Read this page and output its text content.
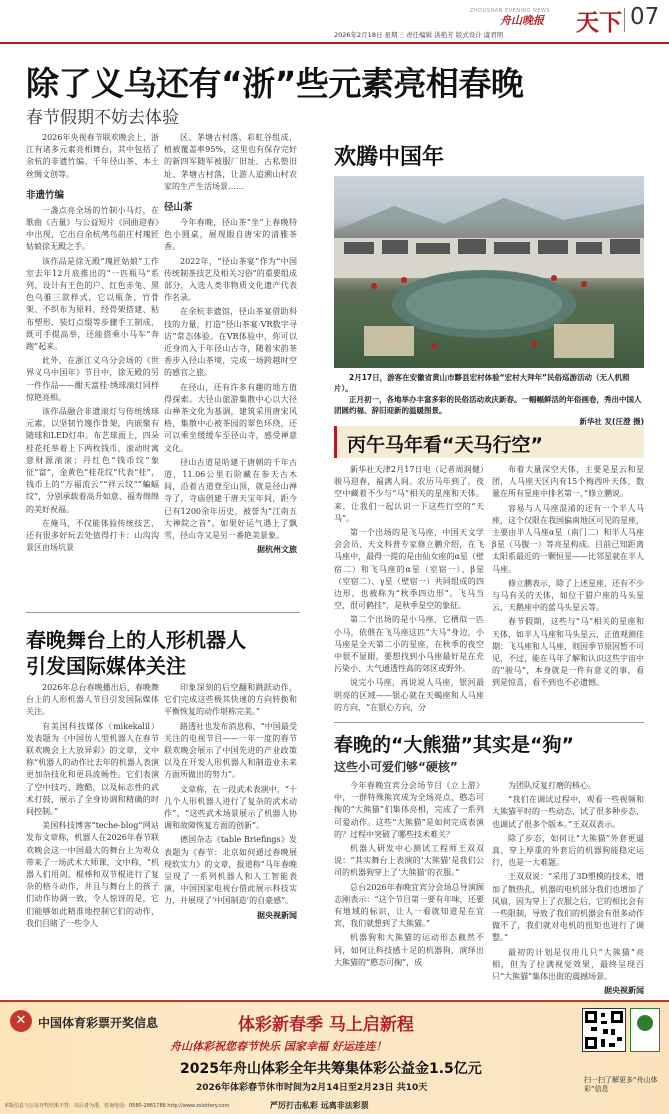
ZHOUSHAN EVENING NEWS
舟山晚报 天下 07
2026年2月18日 星期三 责任编辑 洪艳芳 版式设计 虞君明
除了义乌还有“浙”些元素亮相春晚
春节假期不妨去体验

2026年央视春节联欢晚会上，浙江有诸多元素亮相舞台，其中包括了余杭的非遗竹编、千年径山茶、本土丝绸文创等。

非遗竹编

一盏点亮全场的竹制小马灯，在歌曲《吉量》与公益短片《同曲迎春》中出现，它出自余杭鸬鸟前庄村瑰匠姑娘徐无殿之手。

该作品是徐无殿“瑰匠姑娘”工作室去年12月底推出的“一匹瓶马”系列，设计有王色的户、红色赤兔、黑色乌骓三款样式，它以瓶条、竹骨架、不织布为原料，经骨架搭建、粘布塑形、装灯点缀等步骤手工制成，既可手提高举，还能搭乘小马车“奔跑”起来。

此外，在浙江义乌分会场的《世界义乌中国年》节目中，徐无殿的另一件作品——酣天富桂·绣球滚灯同样惊艳亮相。

该作品融合非遗滚灯与传统绣球元素，以坚韧竹篾作骨架，内嵌聚有随球和LED灯串。布艺球面上，四朵桂花托举着上下两枚钱币，滚动时寓意财源滚滚；丹红色“钱币纹”象征“富”，金黄色“桂花纹”代表“桂”，钱币上的“万福流云”“祥云纹”“蝙蝠纹”，分别承载着高升如意、福寿绵绵的美好祝福。

在俺马，不仅能体验传统技艺，还有很多好玩去处值得打卡：山沟沟景区由场坑景

区、茅塘古村落、彩虹谷组成，植被覆盖率95%，这里也有保存完好的新四军随军被服厂旧址、古私塾旧址、茅塘古村落，让游人追溯山村农家的生产生活场景……

径山茶

今年春晚，径山茶“坐”上春晚特色小圆桌，展现眼自唐宋的清雅茶香。

2022年，“径山茶宴”作为“中国传统制茶技艺及相关习俗”的重要组成部分，入选人类非物质文化遗产代表作名录。

在余杭非遗馆，径山茶宴借助科技的力量，打造“径山茶宴·VR数字寻访”常态体验。在VR体验中，你可以近身而入于年径山古寺，随着宋韵茶香步入径山茶境，完成一场跨越时空的感官之旅。

在径山，还有许多有趣的地方值得探索。大径山旅游集散中心以大径山禅茶文化为基调，建筑采用唐宋风格，集散中心被茶园的翠色环绕，还可以乘坐缓缓车至径山寺，感受禅意文化。

径山古道是哈建于唐朝的千年古道，11.06公里石阶藏在参天古木间，沿着古道登至山顶，就是径山禅寺了，寺庙创建于唐天宝年间，距今已有1200余年历史，被誉为“江南五大禅院之首”。如果好运气遇上了飘雪，径山寺又是另一番艳美景象。

据杭州文旅
欢腾中国年
2月17日，游客在安徽省黄山市黟县宏村体验“宏村大拜年”民俗巡游活动（无人机照片）。
正月初一，各地举办丰富多彩的民俗活动欢庆新春。一幅幅鲜活的年俗画卷，秀出中国人团圆约福、辞旧迎新的温暖图景。
新华社 发(汪澄 摄)
丙午马年看“天马行空”

新华社天津2月17日电（记者周润健）骏马迎春，福满人间。农历马年到了，夜空中藏着不少与“马”相关的星座和天体。来，让我们一起认识一下这些行空的“天马”。

第一个出场的是飞马座，中国天文学会会员、天文科普专家修立鹏介绍，在飞马座中，最得一提的是由仙女座的α星（壁宿二）和飞马座的α星（室宿一）、β星（室宿二）、γ星（壁宿一）共同组成的四边形，也被称为“秋季四边形”。飞马当空，很可鹤挂”，是秋季星空的象征。

第二个出场的是小马座，它栖似一匹小马，依偎在飞马座这匹“大马”身边，小马座是全天第二小的星座，在秋季的夜空中很不显眼，要想找到小马座最好是在充污染小、大气通透性高的郊区或野外。

说完小马座，再说说人马座，银河最明亮的区域——银心就在天蝎座和人马座的方向，“在银心方向，分

布着大量深空天体，主要是星云和星团，人马座天区内有15个梅西叶天体，数量在所有星座中排名第一，”修立鹏说。

容易与人马座混淆的还有一个半人马座，这个仅限在我国偏南地区可见的星座，主要由半人马座α星（南门二）和半人马座β星（马腹一）等亮星构成。目前已知距离太阳系最近的一颗恒星——比邻星就在半人马座。

修立鹏表示，除了上述星座，还有不少与马有关的天体，如位于猎户座的马头星云、天鹅座中的蓝马头星云等。

春节假期，这些与“马”相关的星座和天体，如半人马座和马头星云，正值观测佳期：飞马座和人马座，则因季节原因暂不可见，不过，能在马年了解和认识这些宇宙中的“骏马”，本身就是一件有意义的事，看到是惊喜，看不到也不必遗憾。

春晚舞台上的人形机器人
引发国际媒体关注

2026年总台春晚播出后，春晚舞台上的人形机器人节目引发国际媒体关注。

有美国科技媒体（mikekalil）发表题为《中国仿人型机器人在春节联欢晚会上大放异彩》的文章，文中称“机器人的动作比去年的机器人表演更加杂技化和更具流畅性。它们表演了空中技巧、跑酷，以及标志性的武术打鼓，展示了全身协调和精确的时间控制。”

美国科技博客“teche-blog”网站发布文章称，机器人在2026年春节联欢晚会这一中国最大的舞台上为观众带来了一场武术大师课，文中称，“机器人们用剑、棍棒和双节棍进行了复杂的格斗动作，并且与舞台上的孩子们动作协调一致，令人惊讶的是，它们能够如此精准地控制它们的动作，我们目睹了一些令人

印象深刻的后空翻和跳跃动作，它们完成这些极其快速的方向转换和平衡恢复的动作堪称完美。”

路透社也发布消息称，“中国最受关注的电视节目——一年一度的春节联欢晚会展示了中国先进的产业政策以及在开发人形机器人和制造业未来方面所做出的努力”。

文章称，在一段武术表演中，“十几个人形机器人进行了复杂的武术动作”，“这些武术场景展示了机器人协调和故障恢复方面的创新”。

德国杂志《table Briefings》发表题为《春节：北京如何通过春晚展现软实力》的文章，报道称“马年春晚呈现了一系列机器人和人工智能表演，中国国家电视台借此展示科技实力，并展现了‘中国制造’的自豪感”。

据央视新闻
春晚的“大熊猫”其实是“狗”
这些小可爱们够“硬核”

今年春晚宜宾分会场节目《立上游》中，一群特殊熊宾成为全场亮点，憨态可掬的“大熊猫”们集体亮相，完成了一系列可爱动作。这些“大熊猫”是如何完成表演的？过程中突破了哪些技术难关？

机器人研发中心测试工程师王双双说：“其实舞台上表演的‘大熊猫’是我们公司的机器狗穿上了‘大熊猫’的衣服。”

总台2026年春晚宜宾分会场总导演顾志刚表示：“这个节目第一要有年味，还要有地域的标识，让人一看就知道是在宜宾，我们就想到了大熊猫。”

机器狗和大熊猫的运动形态截然不同，如何让科技感十足的机器狗，演绎出大熊猫的“憨态可掬”，成

为团队反复打磨的核心。

“我们在调试过程中，观看一些视频和大熊猫平时的一些动态，试了很多种步态，也调试了很多个版本。”王双双表示。

除了步态，如何让“大熊猫”外套更逼真，穿上厚重的外套后的机器狗能稳定运行，也是一大难题。

王双双说：“采用了3D塑模的技术，增加了散热孔，机器的电机部分我们也增加了风扇，因为穿上了衣服之后，它的相比会有一些限制，导致了我们的机器会有很多动作做不了，我们就对电机的扭矩也进行了调整。”

最初的计划是仅用几只“大熊猫”亮相，但为了拉满视觉效果，最终呈现百只“大熊猫”集体出街的震撼场景。

据央视新闻
✕ 中国体育彩票开奖信息	体彩新春季 马上启新程
舟山体彩祝您春节快乐 国家幸福 好运连连！
2025年舟山体彩全年共筹集体彩公益金1.5亿元
2026年体彩春节休市时间为2月14日至2月23日 共10天
本版信息与公证开奖结果不符，以后者为准。咨询电话：0580-2861788 http://www.zslottery.com	严厉打击私彩 远离非法彩票
扫一扫了解更多“舟山体彩”信息
